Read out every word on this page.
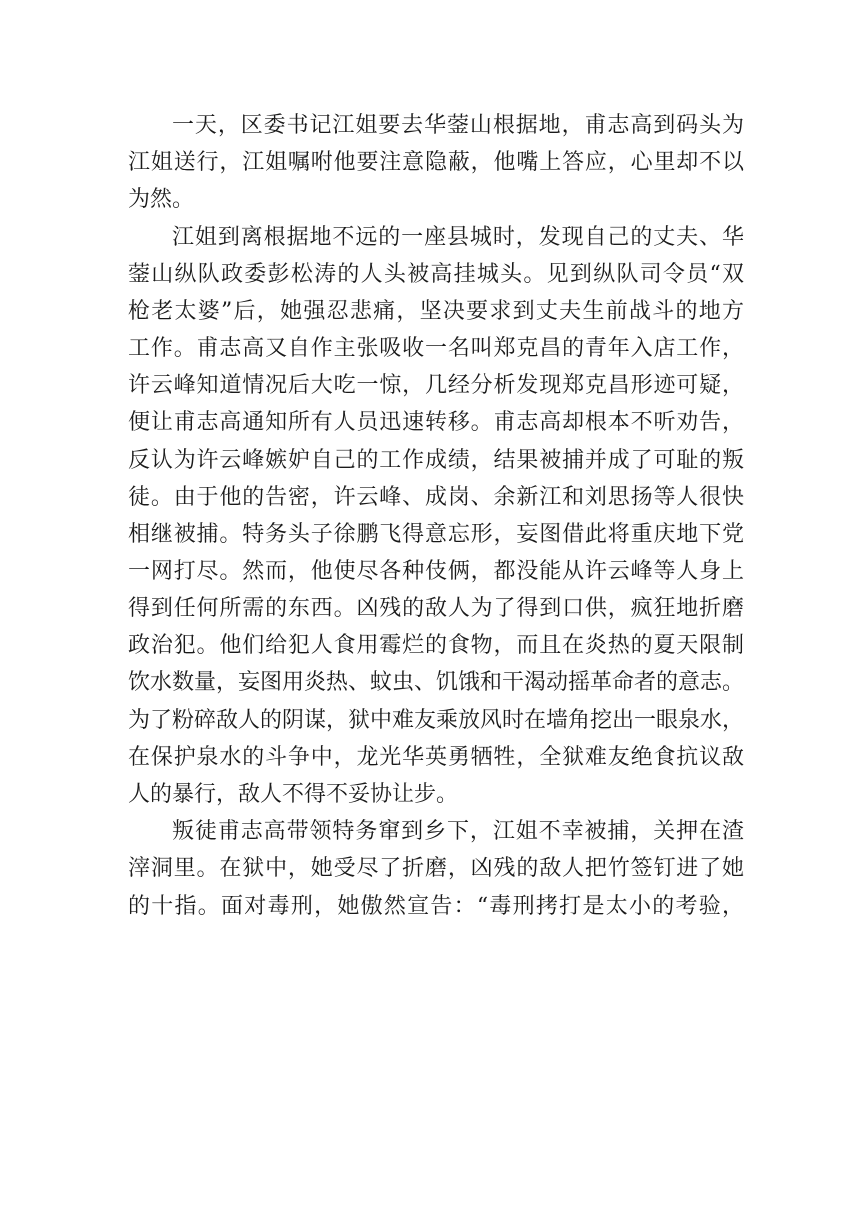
一天，区委书记江姐要去华蓥山根据地，甫志高到码头为
江姐送行，江姐嘱咐他要注意隐蔽，他嘴上答应，心里却不以
为然。
江姐到离根据地不远的一座县城时，发现自己的丈夫、华
蓥山纵队政委彭松涛的人头被高挂城头。见到纵队司令员“双
枪老太婆”后，她强忍悲痛，坚决要求到丈夫生前战斗的地方
工作。甫志高又自作主张吸收一名叫郑克昌的青年入店工作，
许云峰知道情况后大吃一惊，几经分析发现郑克昌形迹可疑，
便让甫志高通知所有人员迅速转移。甫志高却根本不听劝告，
反认为许云峰嫉妒自己的工作成绩，结果被捕并成了可耻的叛
徒。由于他的告密，许云峰、成岗、余新江和刘思扬等人很快
相继被捕。特务头子徐鹏飞得意忘形，妄图借此将重庆地下党
一网打尽。然而，他使尽各种伎俩，都没能从许云峰等人身上
得到任何所需的东西。凶残的敌人为了得到口供，疯狂地折磨
政治犯。他们给犯人食用霉烂的食物，而且在炎热的夏天限制
饮水数量，妄图用炎热、蚊虫、饥饿和干渴动摇革命者的意志。
为了粉碎敌人的阴谋，狱中难友乘放风时在墙角挖出一眼泉水，
在保护泉水的斗争中，龙光华英勇牺牲，全狱难友绝食抗议敌
人的暴行，敌人不得不妥协让步。
叛徒甫志高带领特务窜到乡下，江姐不幸被捕，关押在渣
滓洞里。在狱中，她受尽了折磨，凶残的敌人把竹签钉进了她
的十指。面对毒刑，她傲然宣告：“毒刑拷打是太小的考验，
